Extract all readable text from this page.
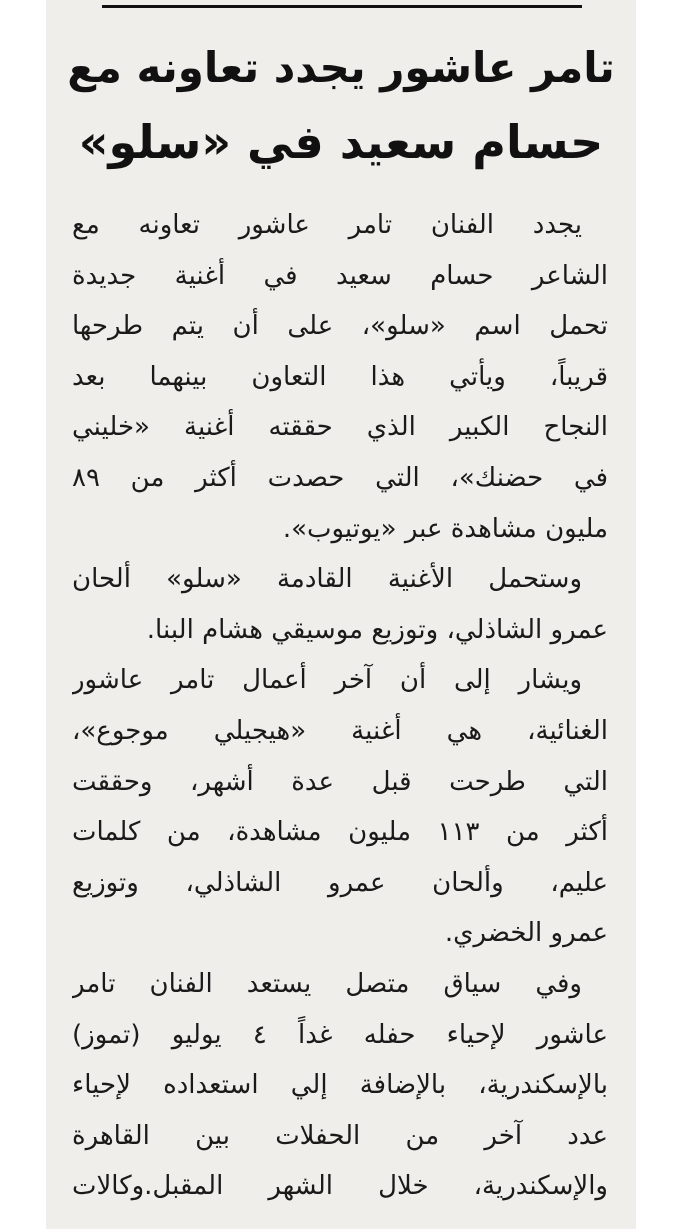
تامر عاشور يجدد تعاونه مع
حسام سعيد في «سلو»

يجدد الفنان تامر عاشور تعاونه مع
الشاعر حسام سعيد في أغنية جديدة
تحمل اسم «سلو»، على أن يتم طرحها
قريباً، ويأتي هذا التعاون بينهما بعد
النجاح الكبير الذي حققته أغنية «خليني
في حضنك»، التي حصدت أكثر من ٨٩
مليون مشاهدة عبر «يوتيوب».

وستحمل الأغنية القادمة «سلو» ألحان
عمرو الشاذلي، وتوزيع موسيقي هشام البنا.

ويشار إلى أن آخر أعمال تامر عاشور
الغنائية، هي أغنية «هيجيلي موجوع»،
التي طرحت قبل عدة أشهر، وحققت
أكثر من ١١٣ مليون مشاهدة، من كلمات
عليم، وألحان عمرو الشاذلي، وتوزيع
عمرو الخضري.

وفي سياق متصل يستعد الفنان تامر
عاشور لإحياء حفله غداً ٤ يوليو (تموز)
بالإسكندرية، بالإضافة إلي استعداده لإحياء
عدد آخر من الحفلات بين القاهرة
والإسكندرية، خلال الشهر المقبل.وكالات
